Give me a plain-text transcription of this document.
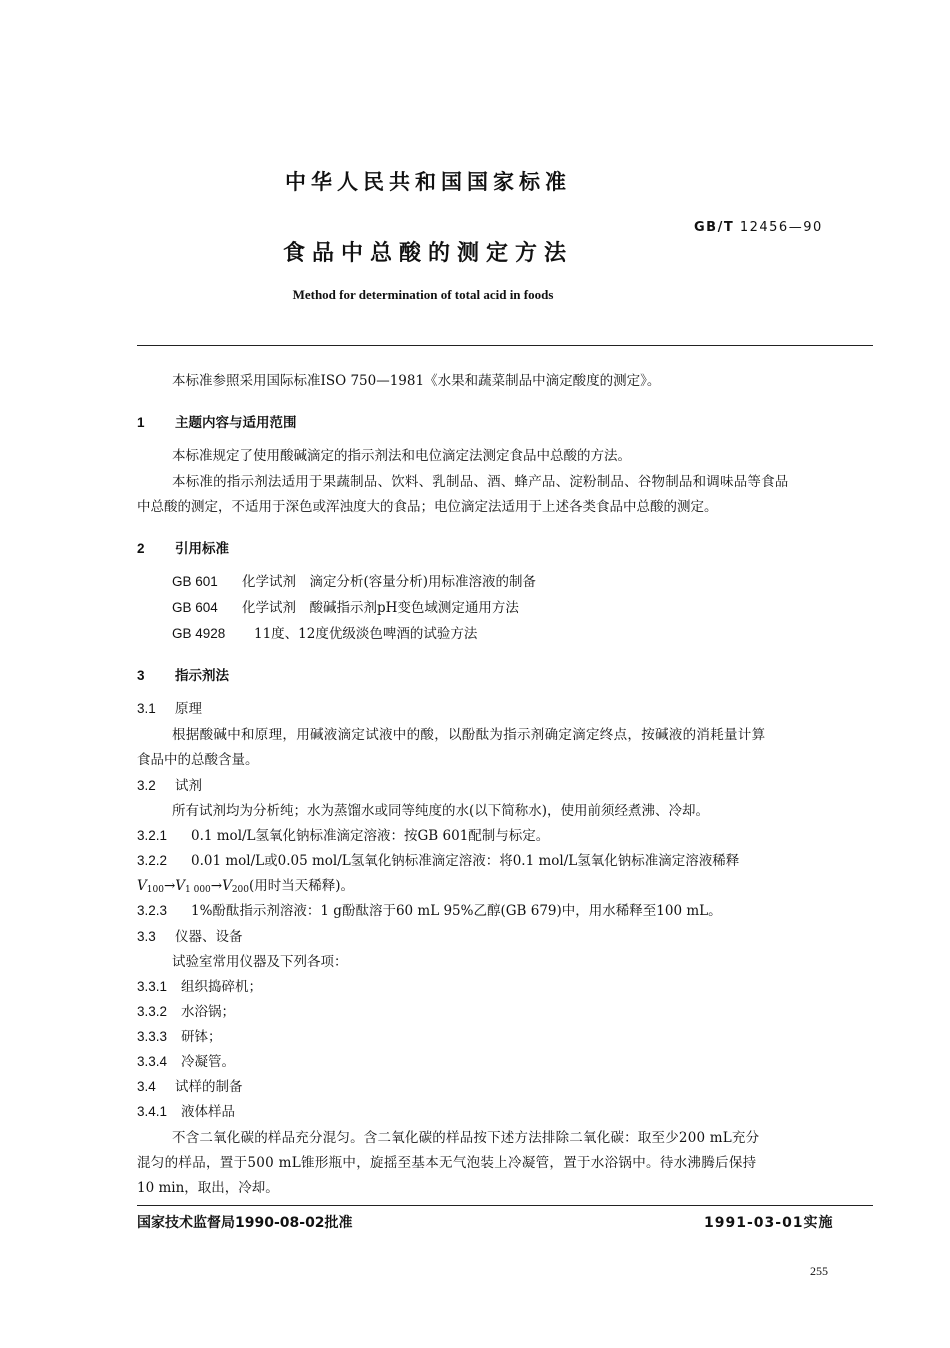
中华人民共和国国家标准
GB/T 12456—90
食品中总酸的测定方法
Method for determination of total acid in foods
本标准参照采用国际标准ISO 750—1981《水果和蔬菜制品中滴定酸度的测定》。
1 主题内容与适用范围
本标准规定了使用酸碱滴定的指示剂法和电位滴定法测定食品中总酸的方法。
本标准的指示剂法适用于果蔬制品、饮料、乳制品、酒、蜂产品、淀粉制品、谷物制品和调味品等食品
中总酸的测定，不适用于深色或浑浊度大的食品；电位滴定法适用于上述各类食品中总酸的测定。
2 引用标准
GB 601 化学试剂　滴定分析(容量分析)用标准溶液的制备
GB 604 化学试剂　酸碱指示剂pH变色域测定通用方法
GB 4928 11度、12度优级淡色啤酒的试验方法
3 指示剂法
3.1 原理
根据酸碱中和原理，用碱液滴定试液中的酸，以酚酞为指示剂确定滴定终点，按碱液的消耗量计算
食品中的总酸含量。
3.2 试剂
所有试剂均为分析纯；水为蒸馏水或同等纯度的水(以下简称水)，使用前须经煮沸、冷却。
3.2.1 0.1 mol/L氢氧化钠标准滴定溶液：按GB 601配制与标定。
3.2.2 0.01 mol/L或0.05 mol/L氢氧化钠标准滴定溶液：将0.1 mol/L氢氧化钠标准滴定溶液稀释
$V_{100}\to V_{1 000}\to V_{200}$(用时当天稀释)。
3.2.3 1%酚酞指示剂溶液：1 g酚酞溶于60 mL 95%乙醇(GB 679)中，用水稀释至100 mL。
3.3 仪器、设备
试验室常用仪器及下列各项：
3.3.1 组织捣碎机；
3.3.2 水浴锅；
3.3.3 研钵；
3.3.4 冷凝管。
3.4 试样的制备
3.4.1 液体样品
不含二氧化碳的样品充分混匀。含二氧化碳的样品按下述方法排除二氧化碳：取至少200 mL充分
混匀的样品，置于500 mL锥形瓶中，旋摇至基本无气泡装上冷凝管，置于水浴锅中。待水沸腾后保持
10 min，取出，冷却。
国家技术监督局1990-08-02批准	1991-03-01实施
255
